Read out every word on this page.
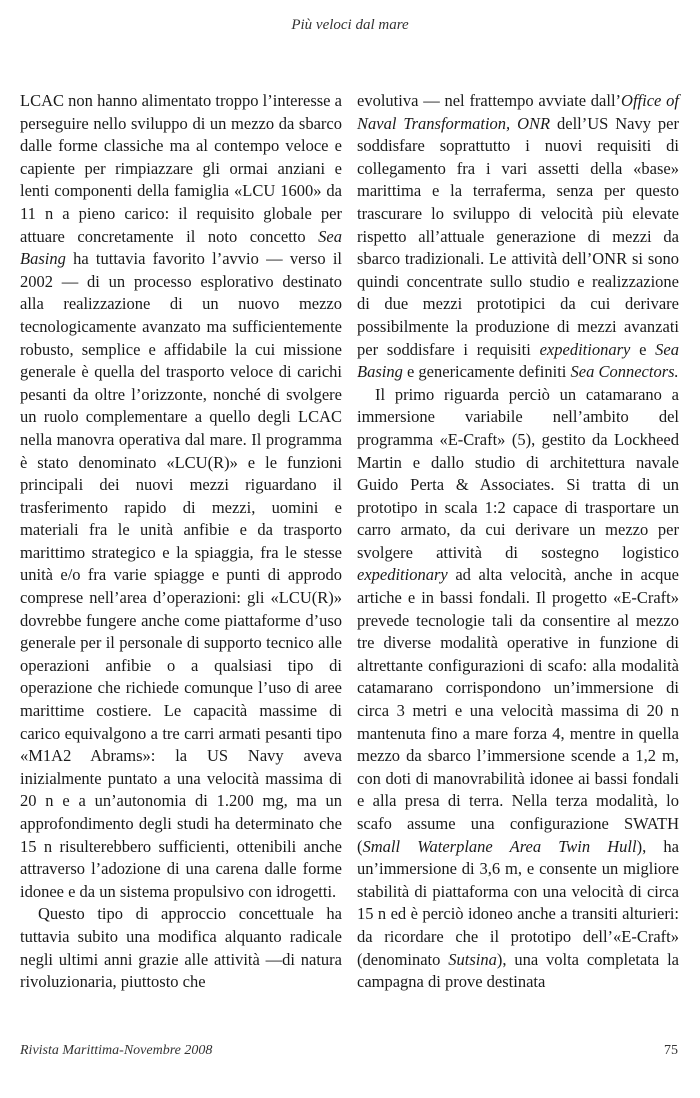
Più veloci dal mare

LCAC non hanno alimentato troppo l’interesse a perseguire nello sviluppo di un mezzo da sbarco dalle forme classiche ma al contempo veloce e capiente per rimpiazzare gli ormai anziani e lenti componenti della famiglia «LCU 1600» da 11 n a pieno carico: il requisito globale per attuare concretamente il noto concetto Sea Basing ha tuttavia favorito l’avvio — verso il 2002 — di un processo esplorativo destinato alla realizzazione di un nuovo mezzo tecnologicamente avanzato ma sufficientemente robusto, semplice e affidabile la cui missione generale è quella del trasporto veloce di carichi pesanti da oltre l’orizzonte, nonché di svolgere un ruolo complementare a quello degli LCAC nella manovra operativa dal mare. Il programma è stato denominato «LCU(R)» e le funzioni principali dei nuovi mezzi riguardano il trasferimento rapido di mezzi, uomini e materiali fra le unità anfibie e da trasporto marittimo strategico e la spiaggia, fra le stesse unità e/o fra varie spiagge e punti di approdo comprese nell’area d’operazioni: gli «LCU(R)» dovrebbe fungere anche come piattaforme d’uso generale per il personale di supporto tecnico alle operazioni anfibie o a qualsiasi tipo di operazione che richiede comunque l’uso di aree marittime costiere. Le capacità massime di carico equivalgono a tre carri armati pesanti tipo «M1A2 Abrams»: la US Navy aveva inizialmente puntato a una velocità massima di 20 n e a un’autonomia di 1.200 mg, ma un approfondimento degli studi ha determinato che 15 n risulterebbero sufficienti, ottenibili anche attraverso l’adozione di una carena dalle forme idonee e da un sistema propulsivo con idrogetti.

Questo tipo di approccio concettuale ha tuttavia subito una modifica alquanto radicale negli ultimi anni grazie alle attività —di natura rivoluzionaria, piuttosto che

evolutiva — nel frattempo avviate dall’Office of Naval Transformation, ONR dell’US Navy per soddisfare soprattutto i nuovi requisiti di collegamento fra i vari assetti della «base» marittima e la terraferma, senza per questo trascurare lo sviluppo di velocità più elevate rispetto all’attuale generazione di mezzi da sbarco tradizionali. Le attività dell’ONR si sono quindi concentrate sullo studio e realizzazione di due mezzi prototipici da cui derivare possibilmente la produzione di mezzi avanzati per soddisfare i requisiti expeditionary e Sea Basing e genericamente definiti Sea Connectors.

Il primo riguarda perciò un catamarano a immersione variabile nell’ambito del programma «E-Craft» (5), gestito da Lockheed Martin e dallo studio di architettura navale Guido Perta & Associates. Si tratta di un prototipo in scala 1:2 capace di trasportare un carro armato, da cui derivare un mezzo per svolgere attività di sostegno logistico expeditionary ad alta velocità, anche in acque artiche e in bassi fondali. Il progetto «E-Craft» prevede tecnologie tali da consentire al mezzo tre diverse modalità operative in funzione di altrettante configurazioni di scafo: alla modalità catamarano corrispondono un’immersione di circa 3 metri e una velocità massima di 20 n mantenuta fino a mare forza 4, mentre in quella mezzo da sbarco l’immersione scende a 1,2 m, con doti di manovrabilità idonee ai bassi fondali e alla presa di terra. Nella terza modalità, lo scafo assume una configurazione SWATH (Small Waterplane Area Twin Hull), ha un’immersione di 3,6 m, e consente un migliore stabilità di piattaforma con una velocità di circa 15 n ed è perciò idoneo anche a transiti alturieri: da ricordare che il prototipo dell’«E-Craft» (denominato Sutsina), una volta completata la campagna di prove destinata

Rivista Marittima-Novembre 2008	75
